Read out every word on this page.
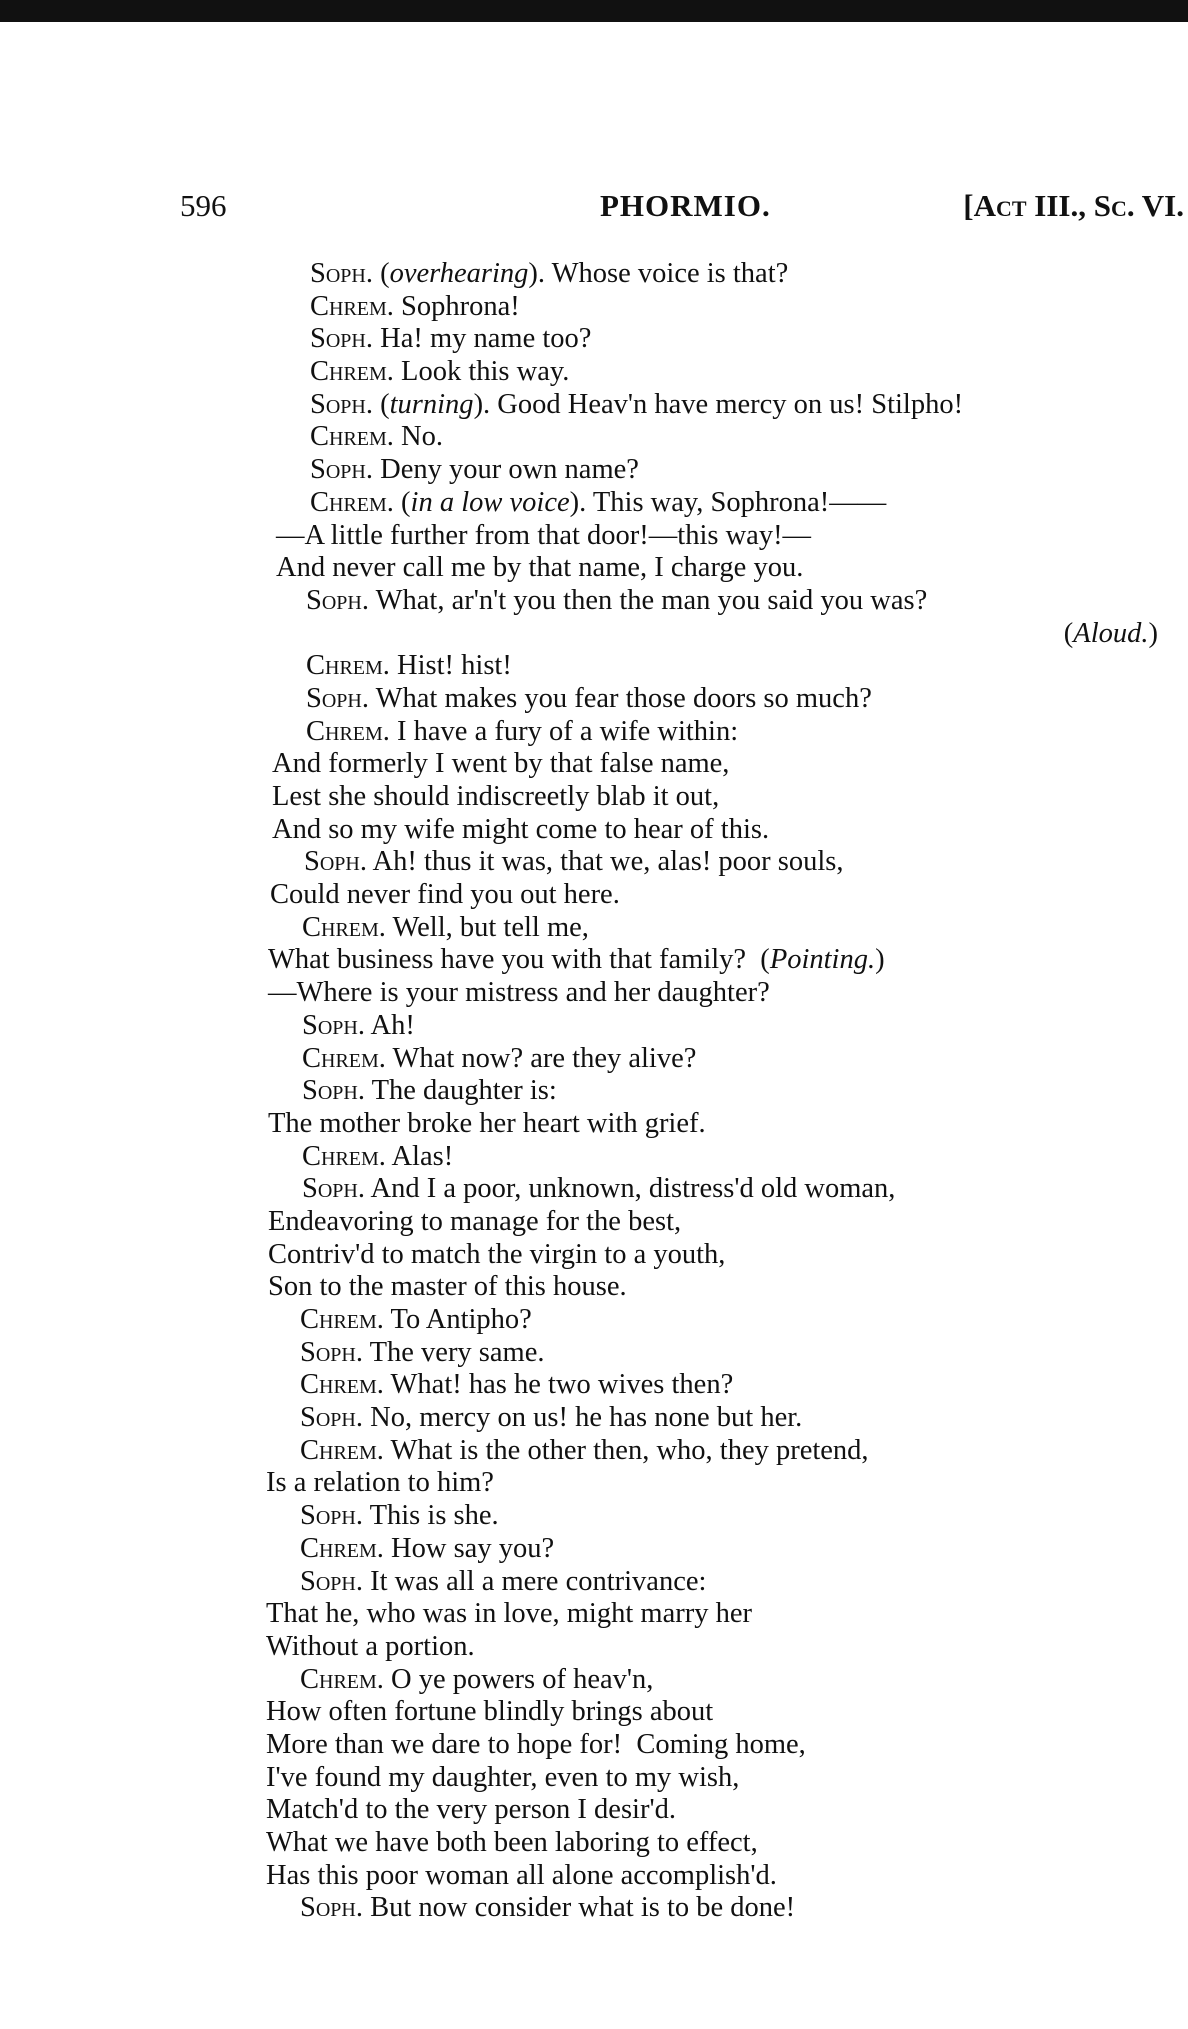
596	PHORMIO.	[Act III., Sc. VI.
Soph. (overhearing). Whose voice is that?
Chrem. Sophrona!
Soph. Ha! my name too?
Chrem. Look this way.
Soph. (turning). Good Heav'n have mercy on us! Stilpho!
Chrem. No.
Soph. Deny your own name?
Chrem. (in a low voice). This way, Sophrona!——
—A little further from that door!—this way!—
And never call me by that name, I charge you.
Soph. What, ar'n't you then the man you said you was?
(Aloud.)
Chrem. Hist! hist!
Soph. What makes you fear those doors so much?
Chrem. I have a fury of a wife within:
And formerly I went by that false name,
Lest she should indiscreetly blab it out,
And so my wife might come to hear of this.
Soph. Ah! thus it was, that we, alas! poor souls,
Could never find you out here.
Chrem. Well, but tell me,
What business have you with that family?  (Pointing.)
—Where is your mistress and her daughter?
Soph. Ah!
Chrem. What now? are they alive?
Soph. The daughter is:
The mother broke her heart with grief.
Chrem. Alas!
Soph. And I a poor, unknown, distress'd old woman,
Endeavoring to manage for the best,
Contriv'd to match the virgin to a youth,
Son to the master of this house.
Chrem. To Antipho?
Soph. The very same.
Chrem. What! has he two wives then?
Soph. No, mercy on us! he has none but her.
Chrem. What is the other then, who, they pretend,
Is a relation to him?
Soph. This is she.
Chrem. How say you?
Soph. It was all a mere contrivance:
That he, who was in love, might marry her
Without a portion.
Chrem. O ye powers of heav'n,
How often fortune blindly brings about
More than we dare to hope for!  Coming home,
I've found my daughter, even to my wish,
Match'd to the very person I desir'd.
What we have both been laboring to effect,
Has this poor woman all alone accomplish'd.
Soph. But now consider what is to be done!
